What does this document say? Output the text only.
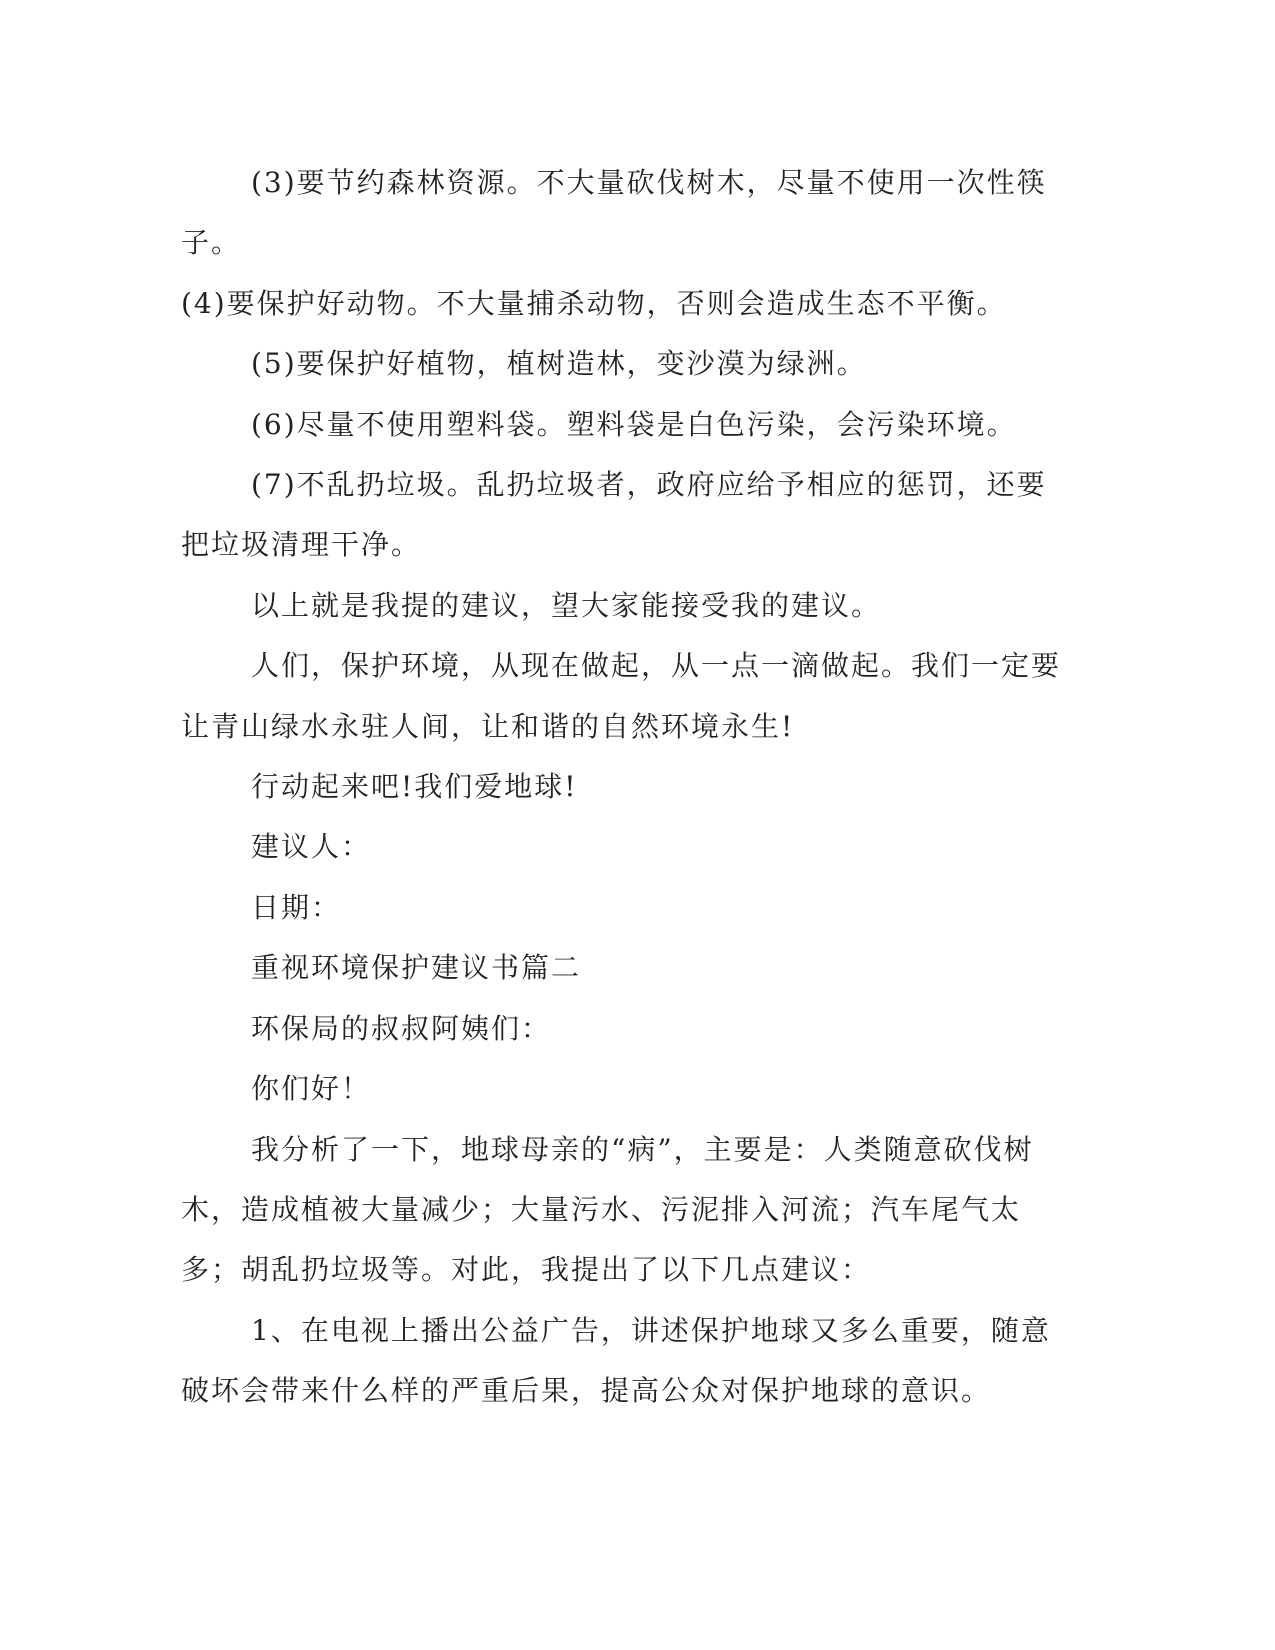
(3)要节约森林资源。不大量砍伐树木，尽量不使用一次性筷子。

(4)要保护好动物。不大量捕杀动物，否则会造成生态不平衡。

(5)要保护好植物，植树造林，变沙漠为绿洲。

(6)尽量不使用塑料袋。塑料袋是白色污染，会污染环境。

(7)不乱扔垃圾。乱扔垃圾者，政府应给予相应的惩罚，还要把垃圾清理干净。

以上就是我提的建议，望大家能接受我的建议。

人们，保护环境，从现在做起，从一点一滴做起。我们一定要让青山绿水永驻人间，让和谐的自然环境永生!

行动起来吧!我们爱地球!

建议人：

日期：

重视环境保护建议书篇二

环保局的叔叔阿姨们：

你们好！

我分析了一下，地球母亲的“病”，主要是：人类随意砍伐树木，造成植被大量减少；大量污水、污泥排入河流；汽车尾气太多；胡乱扔垃圾等。对此，我提出了以下几点建议：

1、在电视上播出公益广告，讲述保护地球又多么重要，随意破坏会带来什么样的严重后果，提高公众对保护地球的意识。
